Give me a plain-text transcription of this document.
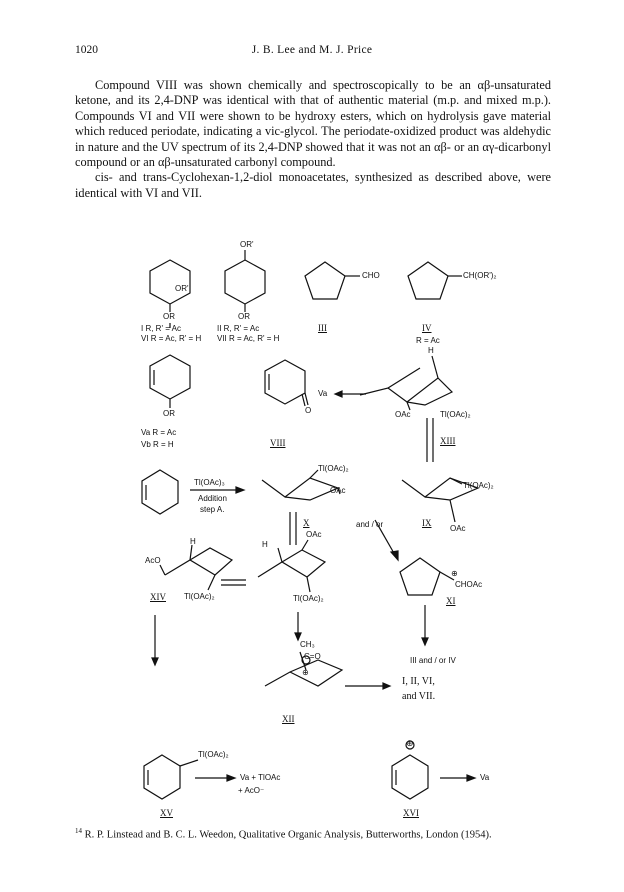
1020	J. B. Lee and M. J. Price

Compound VIII was shown chemically and spectroscopically to be an αβ-unsaturated ketone, and its 2,4-DNP was identical with that of authentic material (m.p. and mixed m.p.). Compounds VI and VII were shown to be hydroxy esters, which on hydrolysis gave material which reduced periodate, indicating a vic-glycol. The periodate-oxidized product was aldehydic in nature and the UV spectrum of its 2,4-DNP showed that it was not an αβ- or an αγ-dicarbonyl compound or an αβ-unsaturated carbonyl compound.

cis- and trans-Cyclohexan-1,2-diol monoacetates, synthesized as described above, were identical with VI and VII.

OR'
OR
I R, R' = Ac
VI R = Ac, R' = H
OR'
OR
II R, R' = Ac
VII R = Ac, R' = H
CHO
III
CH(OR')₂
IV
R = Ac
OR
Va R = Ac
Vb R = H
O
VIII
Va
H
OAc	Tl(OAc)₂
XIII
Tl(OAc)₃
Addition
step A.
Tl(OAc)₂
OAc
X	and / or
Tl(OAc)₂
OAc
IX
AcO
H
Tl(OAc)₂
XIV
H
OAc
Tl(OAc)₂
⊕
CHOAc
XI
CH₃
C=O
⊕
XII
III and / or IV
I, II, VI,
and VII.
Tl(OAc)₂
Va + TlOAc
+ AcO⁻
XV
⊕
Va
XVI
$^{14}$ R. P. Linstead and B. C. L. Weedon, Qualitative Organic Analysis, Butterworths, London (1954).
